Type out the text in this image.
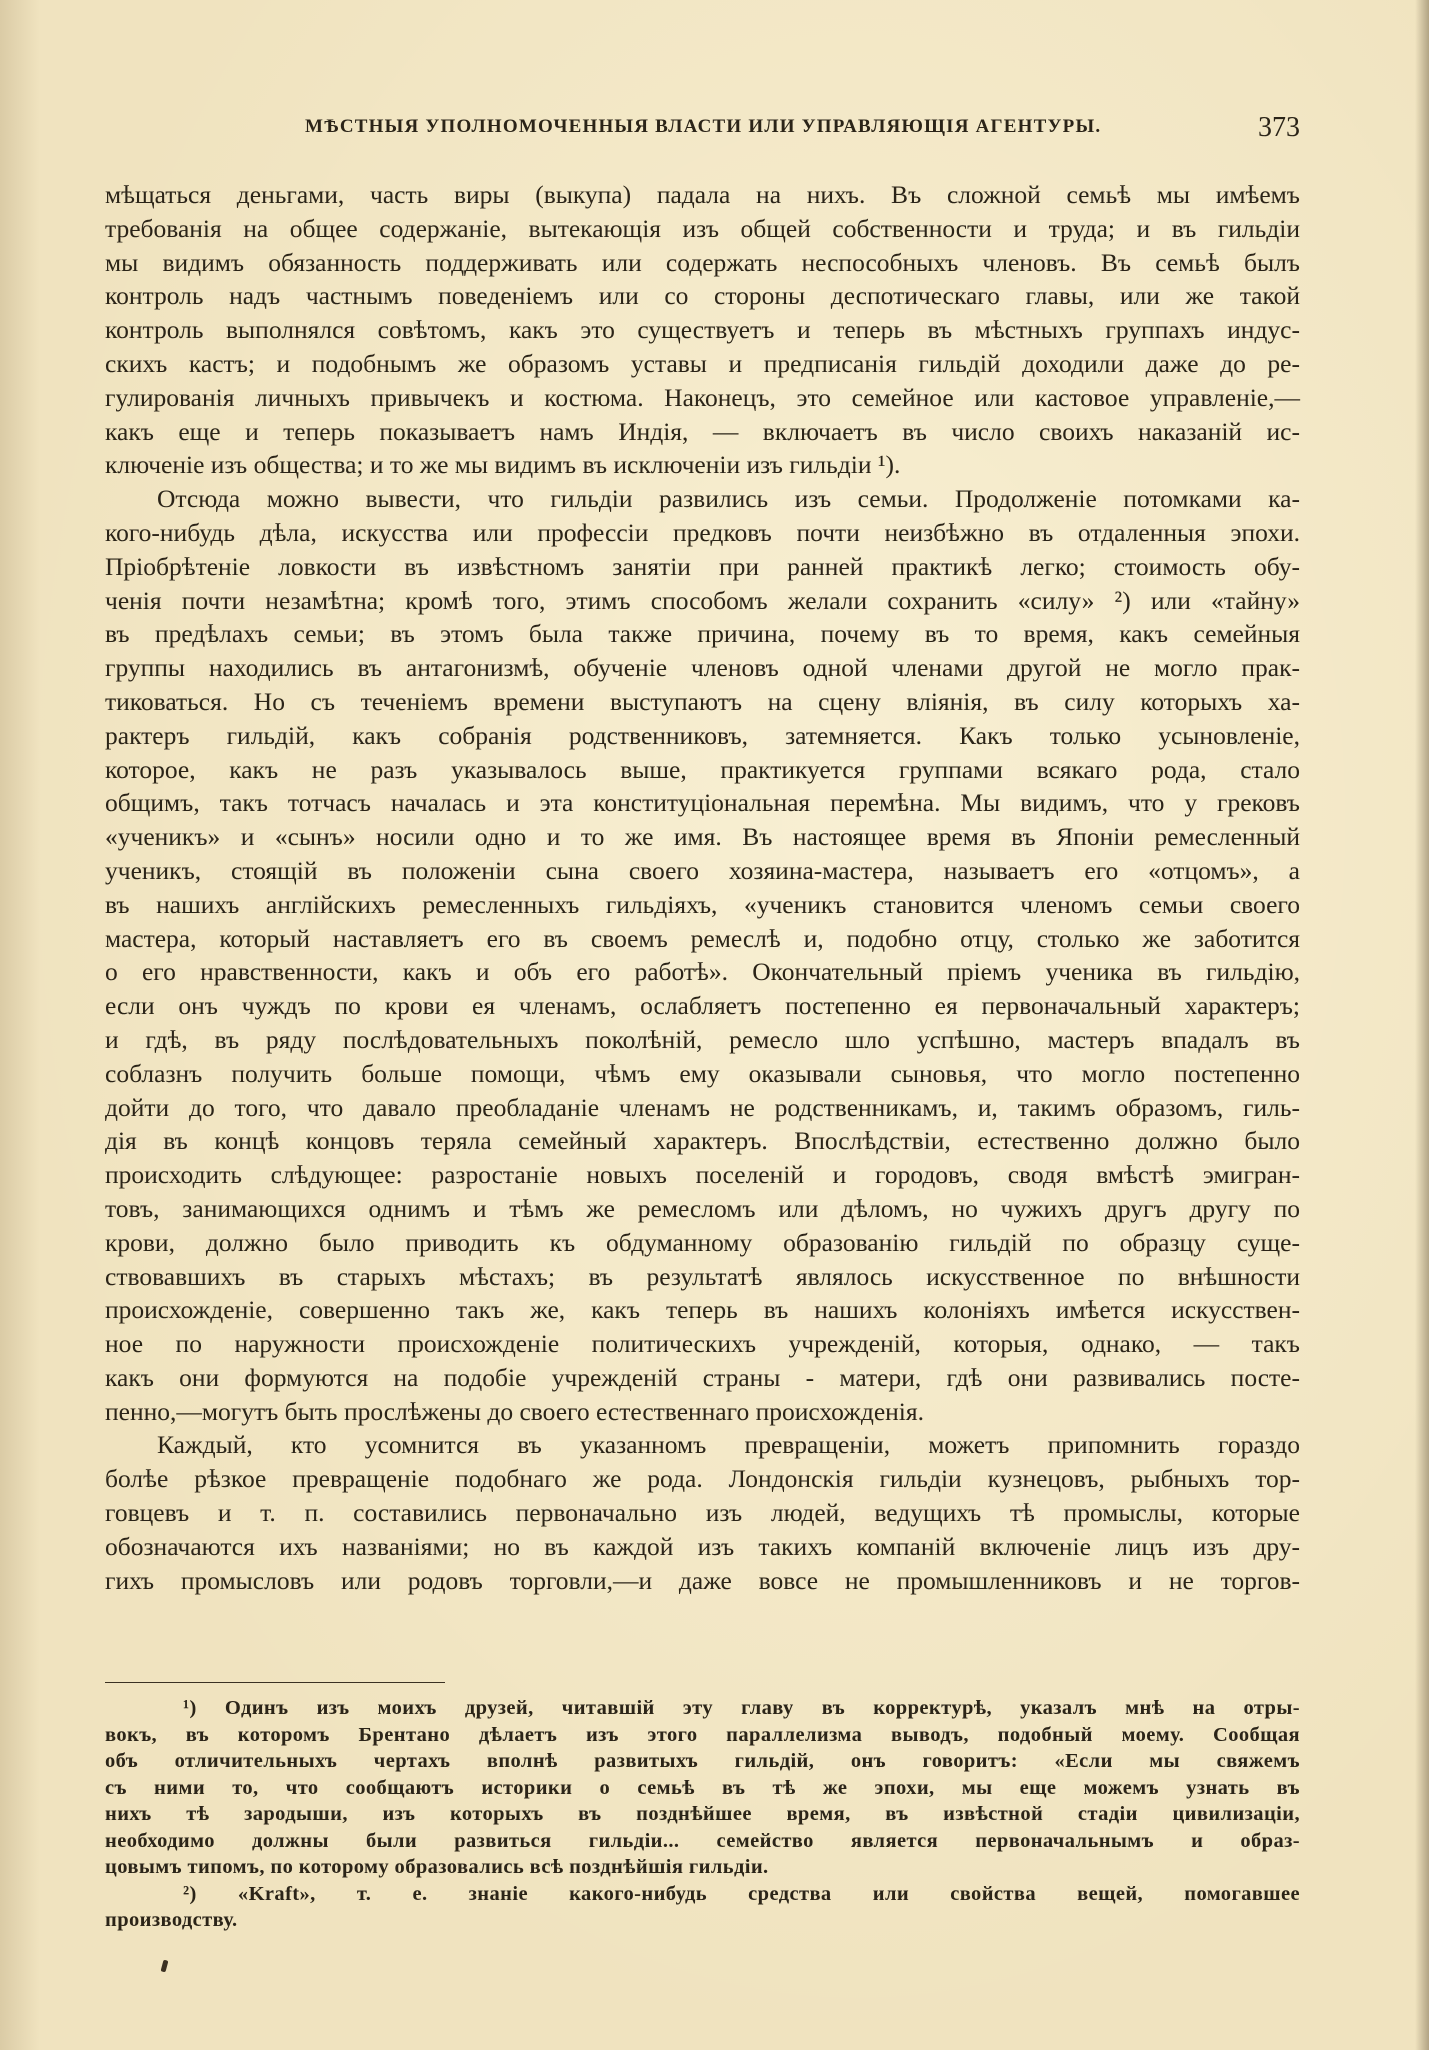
МѢСТНЫЯ УПОЛНОМОЧЕННЫЯ ВЛАСТИ ИЛИ УПРАВЛЯЮЩІЯ АГЕНТУРЫ.	373
мѣщаться деньгами, часть виры (выкупа) падала на нихъ. Въ сложной семьѣ мы имѣемъ
требованія на общее содержаніе, вытекающія изъ общей собственности и труда; и въ гильдіи
мы видимъ обязанность поддерживать или содержать неспособныхъ членовъ. Въ семьѣ былъ
контроль надъ частнымъ поведеніемъ или со стороны деспотическаго главы, или же такой
контроль выполнялся совѣтомъ, какъ это существуетъ и теперь въ мѣстныхъ группахъ индус-
скихъ кастъ; и подобнымъ же образомъ уставы и предписанія гильдій доходили даже до ре-
гулированія личныхъ привычекъ и костюма. Наконецъ, это семейное или кастовое управленіе,—
какъ еще и теперь показываетъ намъ Индія, — включаетъ въ число своихъ наказаній ис-
ключеніе изъ общества; и то же мы видимъ въ исключеніи изъ гильдіи ¹).
Отсюда можно вывести, что гильдіи развились изъ семьи. Продолженіе потомками ка-
кого-нибудь дѣла, искусства или профессіи предковъ почти неизбѣжно въ отдаленныя эпохи.
Пріобрѣтеніе ловкости въ извѣстномъ занятіи при ранней практикѣ легко; стоимость обу-
ченія почти незамѣтна; кромѣ того, этимъ способомъ желали сохранить «силу» ²) или «тайну»
въ предѣлахъ семьи; въ этомъ была также причина, почему въ то время, какъ семейныя
группы находились въ антагонизмѣ, обученіе членовъ одной членами другой не могло прак-
тиковаться. Но съ теченіемъ времени выступаютъ на сцену вліянія, въ силу которыхъ ха-
рактеръ гильдій, какъ собранія родственниковъ, затемняется. Какъ только усыновленіе,
которое, какъ не разъ указывалось выше, практикуется группами всякаго рода, стало
общимъ, такъ тотчасъ началась и эта конституціональная перемѣна. Мы видимъ, что у грековъ
«ученикъ» и «сынъ» носили одно и то же имя. Въ настоящее время въ Японіи ремесленный
ученикъ, стоящій въ положеніи сына своего хозяина-мастера, называетъ его «отцомъ», а
въ нашихъ англійскихъ ремесленныхъ гильдіяхъ, «ученикъ становится членомъ семьи своего
мастера, который наставляетъ его въ своемъ ремеслѣ и, подобно отцу, столько же заботится
о его нравственности, какъ и объ его работѣ». Окончательный пріемъ ученика въ гильдію,
если онъ чуждъ по крови ея членамъ, ослабляетъ постепенно ея первоначальный характеръ;
и гдѣ, въ ряду послѣдовательныхъ поколѣній, ремесло шло успѣшно, мастеръ впадалъ въ
соблазнъ получить больше помощи, чѣмъ ему оказывали сыновья, что могло постепенно
дойти до того, что давало преобладаніе членамъ не родственникамъ, и, такимъ образомъ, гиль-
дія въ концѣ концовъ теряла семейный характеръ. Впослѣдствіи, естественно должно было
происходить слѣдующее: разростаніе новыхъ поселеній и городовъ, сводя вмѣстѣ эмигран-
товъ, занимающихся однимъ и тѣмъ же ремесломъ или дѣломъ, но чужихъ другъ другу по
крови, должно было приводить къ обдуманному образованію гильдій по образцу суще-
ствовавшихъ въ старыхъ мѣстахъ; въ результатѣ являлось искусственное по внѣшности
происхожденіе, совершенно такъ же, какъ теперь въ нашихъ колоніяхъ имѣется искусствен-
ное по наружности происхожденіе политическихъ учрежденій, которыя, однако, — такъ
какъ они формуются на подобіе учрежденій страны - матери, гдѣ они развивались посте-
пенно,—могутъ быть прослѣжены до своего естественнаго происхожденія.
Каждый, кто усомнится въ указанномъ превращеніи, можетъ припомнить гораздо
болѣе рѣзкое превращеніе подобнаго же рода. Лондонскія гильдіи кузнецовъ, рыбныхъ тор-
говцевъ и т. п. составились первоначально изъ людей, ведущихъ тѣ промыслы, которые
обозначаются ихъ названіями; но въ каждой изъ такихъ компаній включеніе лицъ изъ дру-
гихъ промысловъ или родовъ торговли,—и даже вовсе не промышленниковъ и не торгов-
¹) Одинъ изъ моихъ друзей, читавшій эту главу въ корректурѣ, указалъ мнѣ на отры-
вокъ, въ которомъ Брентано дѣлаетъ изъ этого параллелизма выводъ, подобный моему. Сообщая
объ отличительныхъ чертахъ вполнѣ развитыхъ гильдій, онъ говоритъ: «Если мы свяжемъ
съ ними то, что сообщаютъ историки о семьѣ въ тѣ же эпохи, мы еще можемъ узнать въ
нихъ тѣ зародыши, изъ которыхъ въ позднѣйшее время, въ извѣстной стадіи цивилизаціи,
необходимо должны были развиться гильдіи... семейство является первоначальнымъ и образ-
цовымъ типомъ, по которому образовались всѣ позднѣйшія гильдіи.
²) «Kraft», т. е. знаніе какого-нибудь средства или свойства вещей, помогавшее
производству.
